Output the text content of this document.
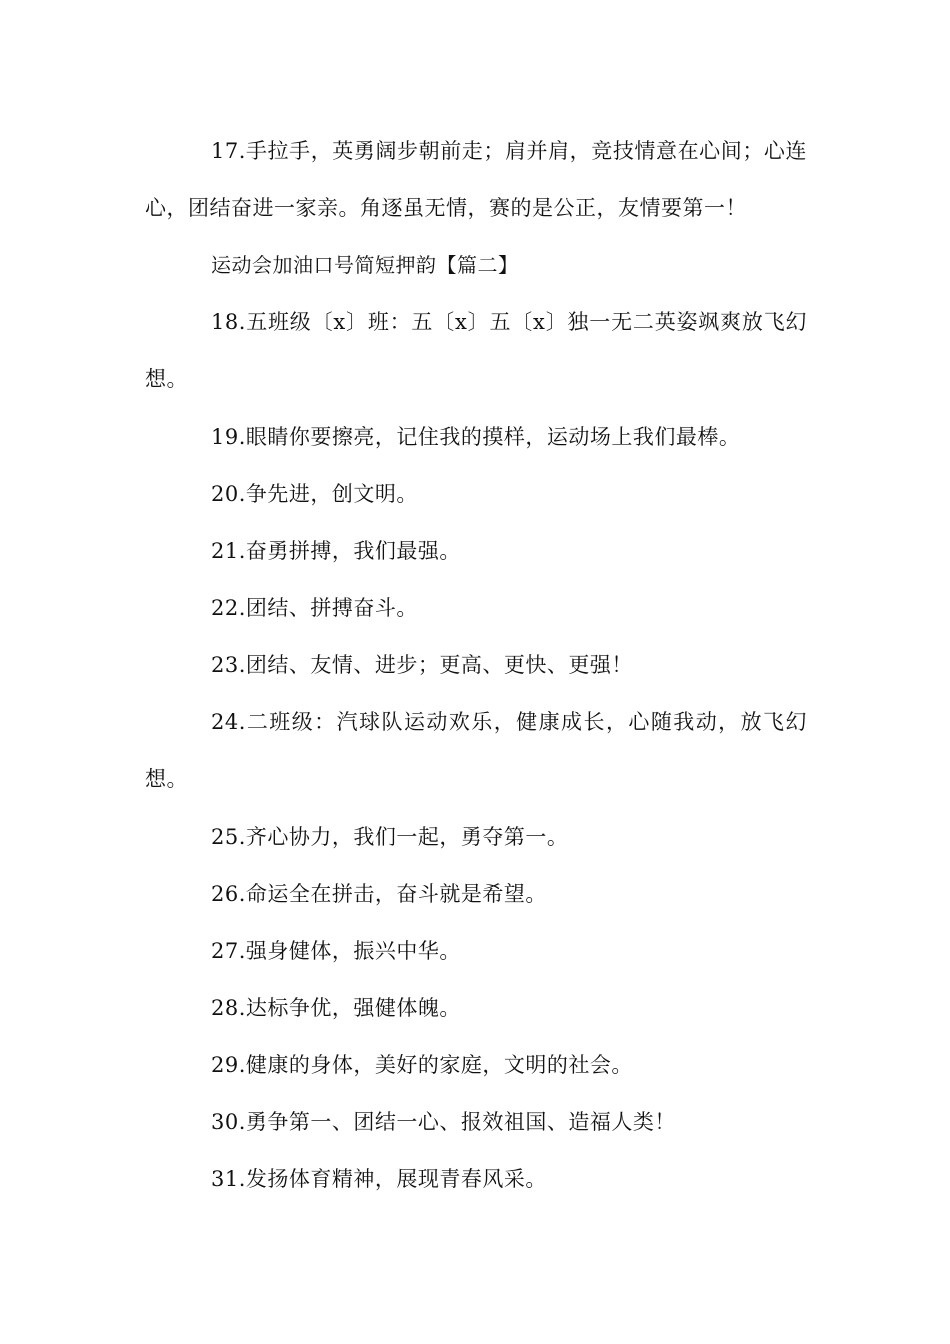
17.手拉手，英勇阔步朝前走；肩并肩，竞技情意在心间；心连心，团结奋进一家亲。角逐虽无情，赛的是公正，友情要第一！
运动会加油口号简短押韵【篇二】
18.五班级〔x〕班：五〔x〕五〔x〕独一无二英姿飒爽放飞幻想。
19.眼睛你要擦亮，记住我的摸样，运动场上我们最棒。
20.争先进，创文明。
21.奋勇拼搏，我们最强。
22.团结、拼搏奋斗。
23.团结、友情、进步；更高、更快、更强！
24.二班级：汽球队运动欢乐，健康成长，心随我动，放飞幻想。
25.齐心协力，我们一起，勇夺第一。
26.命运全在拼击，奋斗就是希望。
27.强身健体，振兴中华。
28.达标争优，强健体魄。
29.健康的身体，美好的家庭，文明的社会。
30.勇争第一、团结一心、报效祖国、造福人类！
31.发扬体育精神，展现青春风采。
